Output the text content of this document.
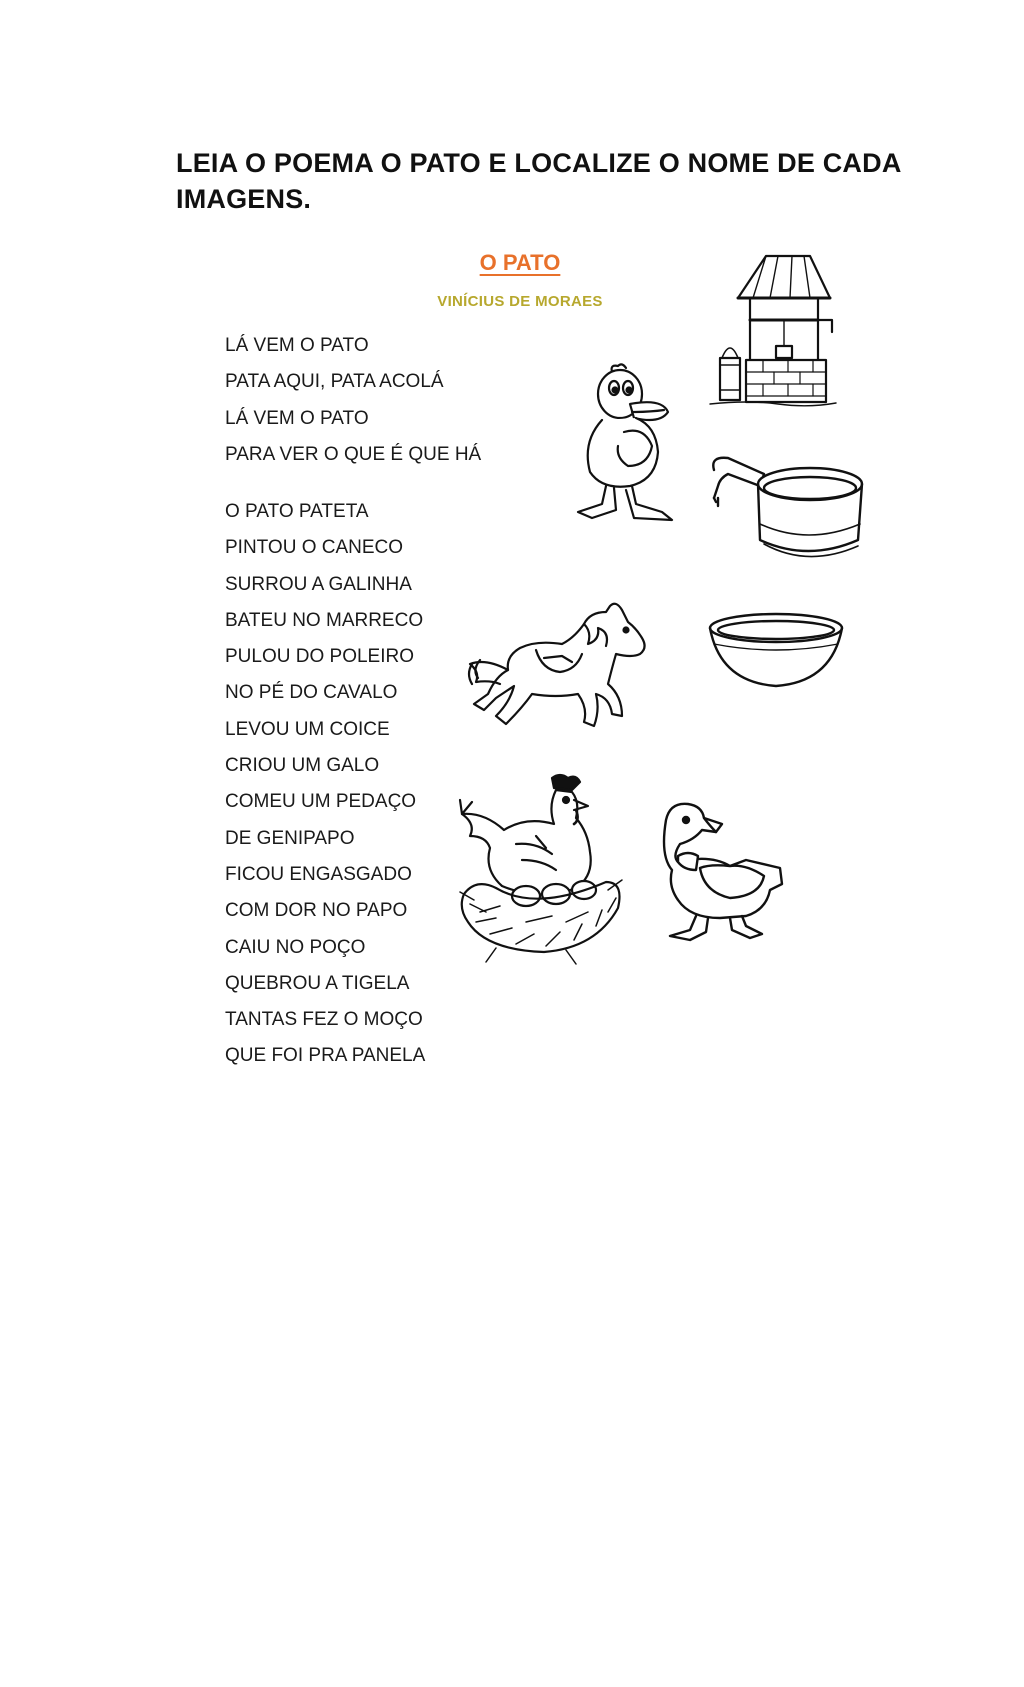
LEIA O POEMA O PATO E LOCALIZE O NOME DE CADA IMAGENS.
O PATO
VINÍCIUS DE MORAES
LÁ VEM O PATO
PATA AQUI, PATA ACOLÁ
LÁ VEM O PATO
PARA VER O QUE É QUE HÁ
O PATO PATETA
PINTOU O CANECO
SURROU A GALINHA
BATEU NO MARRECO
PULOU DO POLEIRO
NO PÉ DO CAVALO
LEVOU UM COICE
CRIOU UM GALO
COMEU UM PEDAÇO
DE GENIPAPO
FICOU ENGASGADO
COM DOR NO PAPO
CAIU NO POÇO
QUEBROU A TIGELA
TANTAS FEZ O MOÇO
QUE FOI PRA PANELA
